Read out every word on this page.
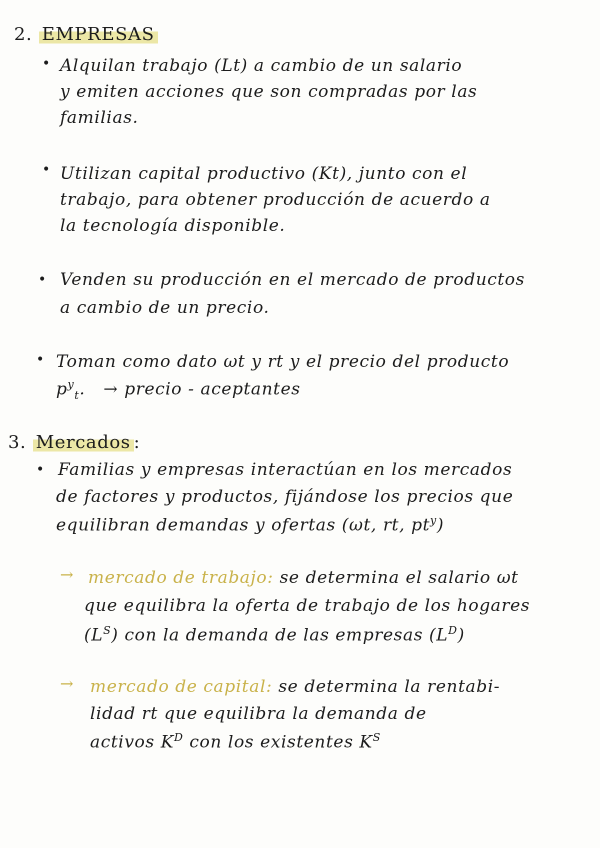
2. EMPRESAS
• Alquilan trabajo (Lt) a cambio de un salario
y emiten acciones que son compradas por las
familias.
• Utilizan capital productivo (Kt), junto con el
trabajo, para obtener producción de acuerdo a
la tecnología disponible.
• Venden su producción en el mercado de productos
a cambio de un precio.
• Toman como dato ωt y rt y el precio del producto
$p^y_t$. → precio - aceptantes
3. Mercados :
• Familias y empresas interactúan en los mercados
de factores y productos, fijándose los precios que
equilibran demandas y ofertas (ωt, rt, $pt^y$)
→ mercado de trabajo: se determina el salario ωt
que equilibra la oferta de trabajo de los hogares
$(L^S)$ con la demanda de las empresas $(L^D)$
→ mercado de capital: se determina la rentabi-
lidad rt que equilibra la demanda de
activos $K^D$ con los existentes $K^S$
